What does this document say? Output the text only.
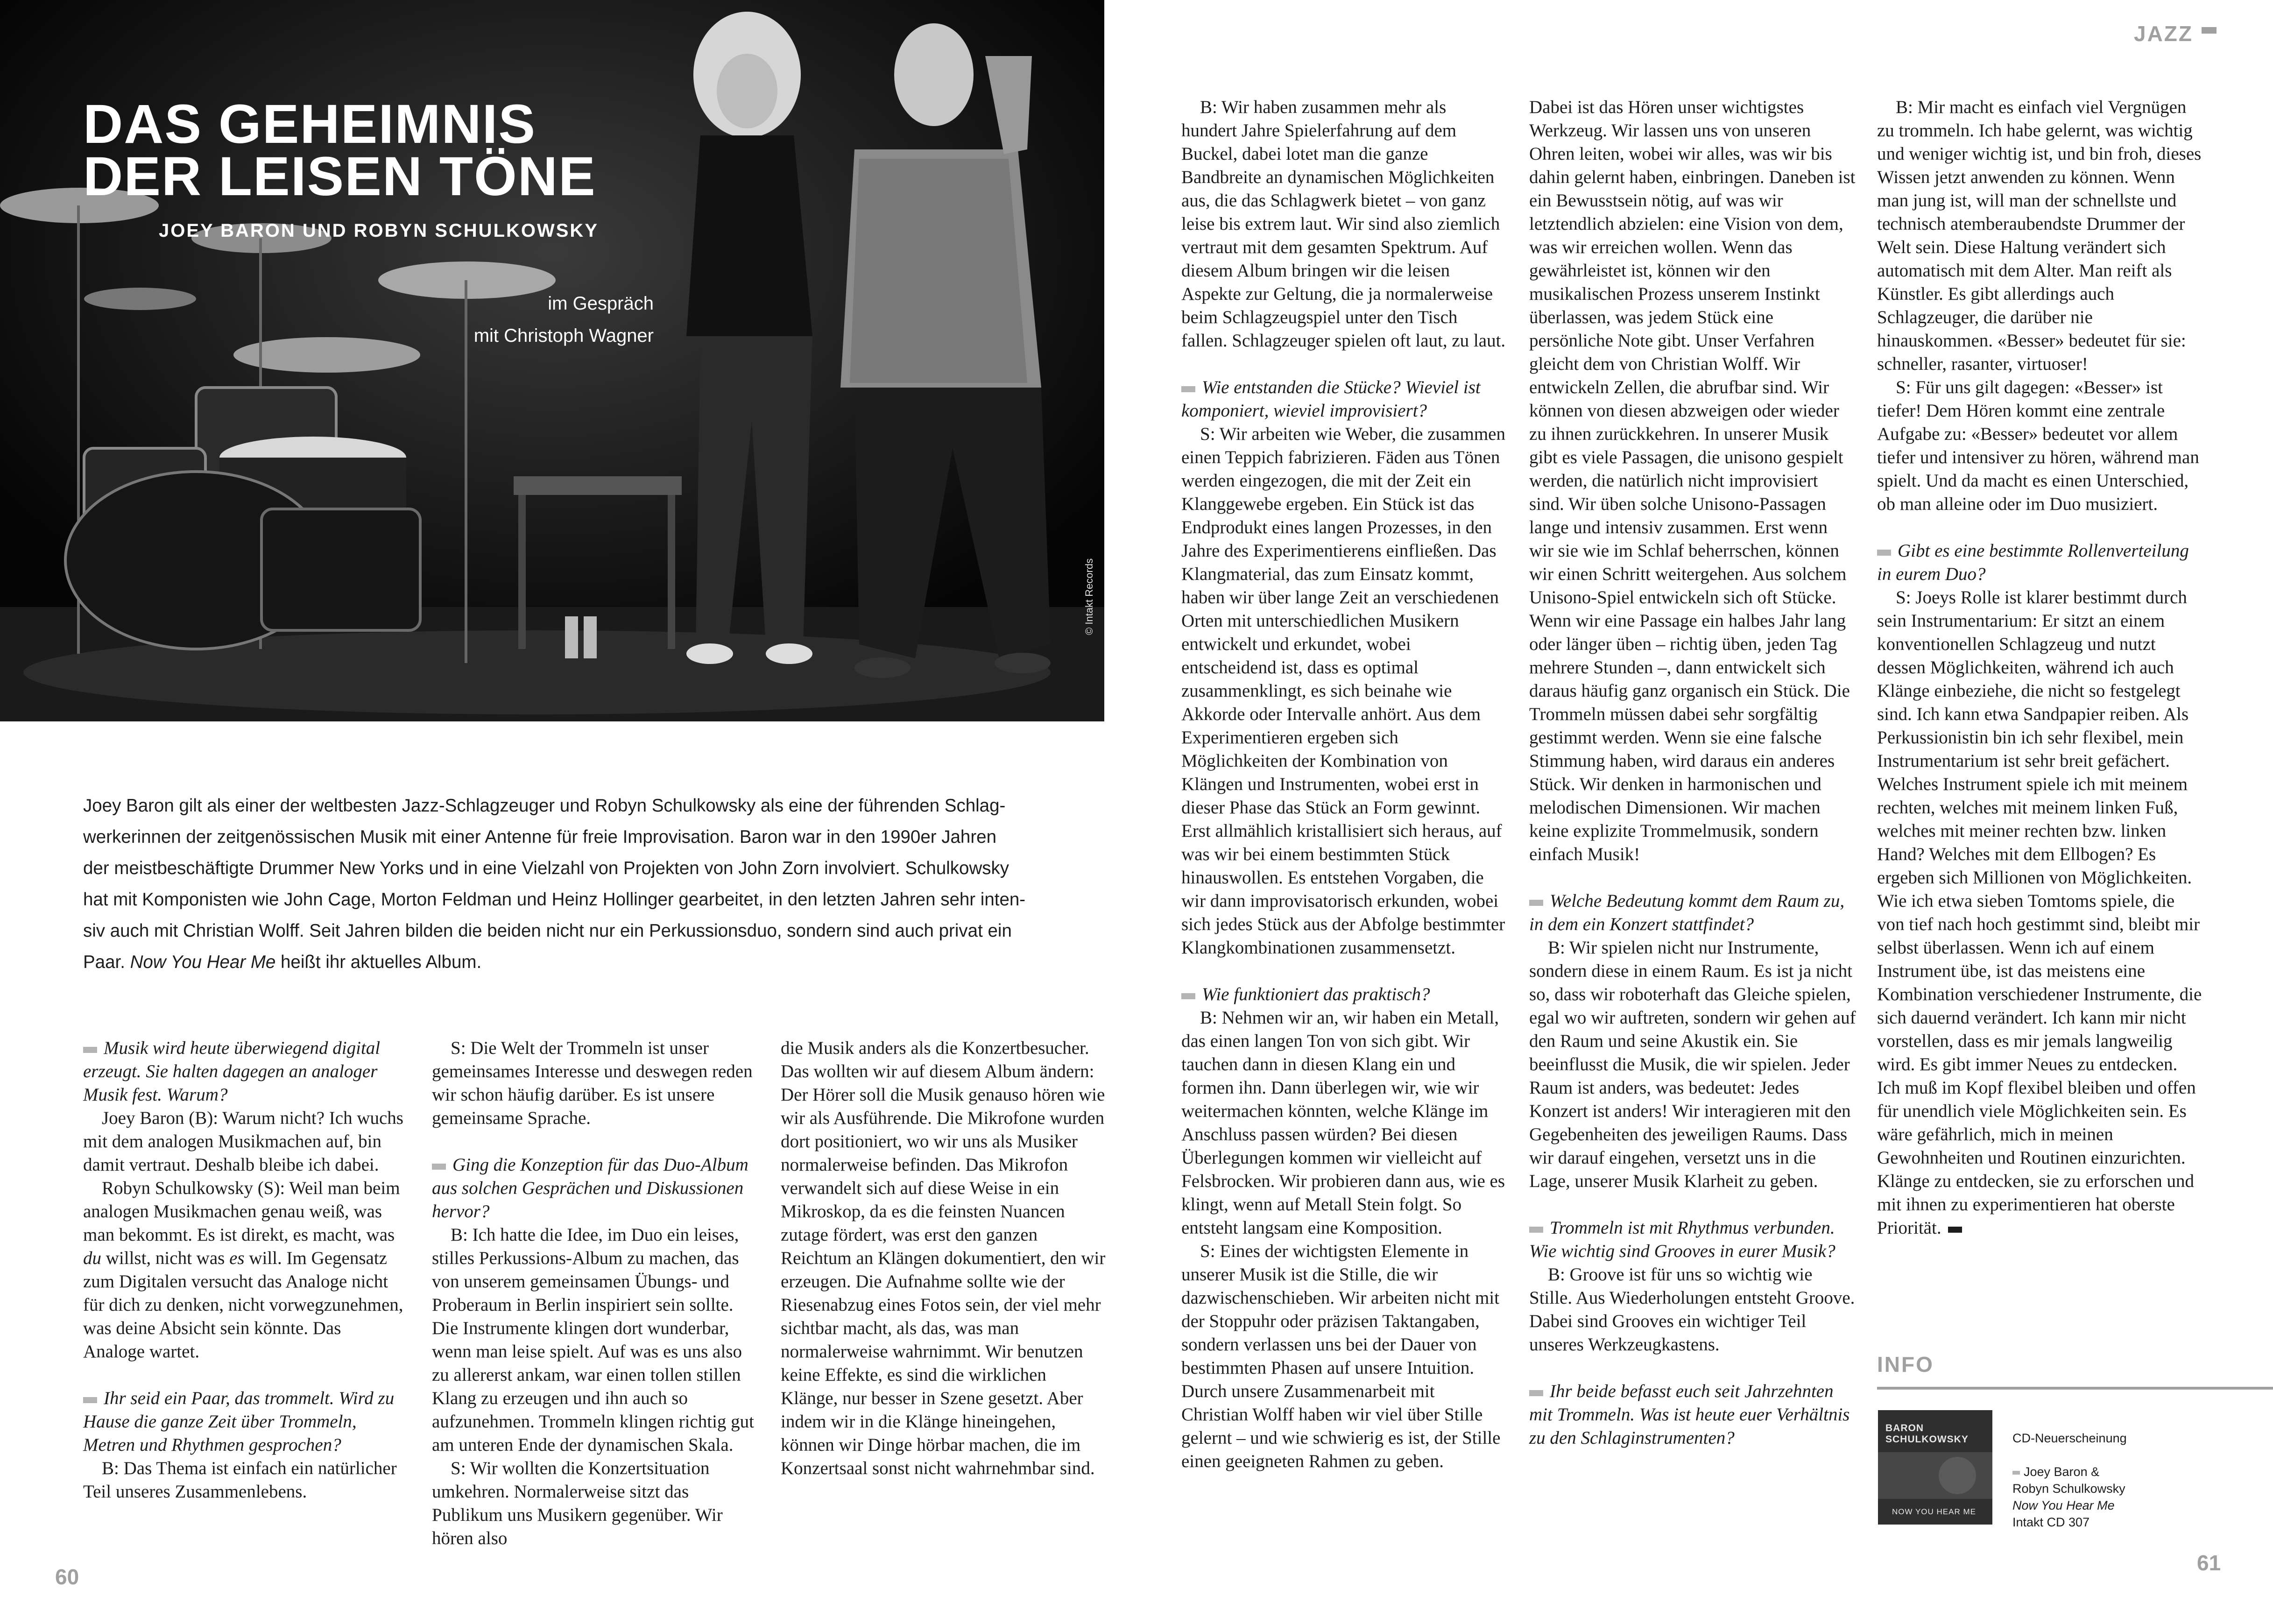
DAS GEHEIMNIS
DER LEISEN TÖNE
JOEY BARON UND ROBYN SCHULKOWSKY
im Gespräch
mit Christoph Wagner
© Intakt Records
Joey Baron gilt als einer der weltbesten Jazz-Schlagzeuger und Robyn Schulkowsky als eine der führenden Schlag-
werkerinnen der zeitgenössischen Musik mit einer Antenne für freie Improvisation. Baron war in den 1990er Jahren
der meistbeschäftigte Drummer New Yorks und in eine Vielzahl von Projekten von John Zorn involviert. Schulkowsky
hat mit Komponisten wie John Cage, Morton Feldman und Heinz Hollinger gearbeitet, in den letzten Jahren sehr inten-
siv auch mit Christian Wolff. Seit Jahren bilden die beiden nicht nur ein Perkussionsduo, sondern sind auch privat ein
Paar. Now You Hear Me heißt ihr aktuelles Album.

Musik wird heute überwiegend digital erzeugt. Sie halten dagegen an analoger Musik fest. Warum?

Joey Baron (B): Warum nicht? Ich wuchs mit dem analogen Musikmachen auf, bin damit vertraut. Deshalb bleibe ich dabei.

Robyn Schulkowsky (S): Weil man beim analogen Musikmachen genau weiß, was man bekommt. Es ist direkt, es macht, was du willst, nicht was es will. Im Gegensatz zum Digitalen versucht das Analoge nicht für dich zu denken, nicht vorwegzunehmen, was deine Absicht sein könnte. Das Analoge wartet.

Ihr seid ein Paar, das trommelt. Wird zu Hause die ganze Zeit über Trommeln, Metren und Rhythmen gesprochen?

B: Das Thema ist einfach ein natürlicher Teil unseres Zusammenlebens.

S: Die Welt der Trommeln ist unser gemeinsames Interesse und deswegen reden wir schon häufig darüber. Es ist unsere gemeinsame Sprache.

Ging die Konzeption für das Duo-Album aus solchen Gesprächen und Diskussionen hervor?

B: Ich hatte die Idee, im Duo ein leises, stilles Perkussions-Album zu machen, das von unserem gemeinsamen Übungs- und Proberaum in Berlin inspiriert sein sollte. Die Instrumente klingen dort wunderbar, wenn man leise spielt. Auf was es uns also zu allererst ankam, war einen tollen stillen Klang zu erzeugen und ihn auch so aufzunehmen. Trommeln klingen richtig gut am unteren Ende der dynamischen Skala.

S: Wir wollten die Konzertsituation umkehren. Normalerweise sitzt das Publikum uns Musikern gegenüber. Wir hören also

die Musik anders als die Konzertbesucher. Das wollten wir auf diesem Album ändern: Der Hörer soll die Musik genauso hören wie wir als Ausführende. Die Mikrofone wurden dort positioniert, wo wir uns als Musiker normalerweise befinden. Das Mikrofon verwandelt sich auf diese Weise in ein Mikroskop, da es die feinsten Nuancen zutage fördert, was erst den ganzen Reichtum an Klängen dokumentiert, den wir erzeugen. Die Aufnahme sollte wie der Riesenabzug eines Fotos sein, der viel mehr sichtbar macht, als das, was man normalerweise wahrnimmt. Wir benutzen keine Effekte, es sind die wirklichen Klänge, nur besser in Szene gesetzt. Aber indem wir in die Klänge hineingehen, können wir Dinge hörbar machen, die im Konzertsaal sonst nicht wahrnehmbar sind.

JAZZ

B: Wir haben zusammen mehr als hundert Jahre Spielerfahrung auf dem Buckel, dabei lotet man die ganze Bandbreite an dynamischen Möglichkeiten aus, die das Schlagwerk bietet – von ganz leise bis extrem laut. Wir sind also ziemlich vertraut mit dem gesamten Spektrum. Auf diesem Album bringen wir die leisen Aspekte zur Geltung, die ja normalerweise beim Schlagzeugspiel unter den Tisch fallen. Schlagzeuger spielen oft laut, zu laut.

Wie entstanden die Stücke? Wieviel ist komponiert, wieviel improvisiert?

S: Wir arbeiten wie Weber, die zusammen einen Teppich fabrizieren. Fäden aus Tönen werden eingezogen, die mit der Zeit ein Klanggewebe ergeben. Ein Stück ist das Endprodukt eines langen Prozesses, in den Jahre des Experimentierens einfließen. Das Klangmaterial, das zum Einsatz kommt, haben wir über lange Zeit an verschiedenen Orten mit unterschiedlichen Musikern entwickelt und erkundet, wobei entscheidend ist, dass es optimal zusammenklingt, es sich beinahe wie Akkorde oder Intervalle anhört. Aus dem Experimentieren ergeben sich Möglichkeiten der Kombination von Klängen und Instrumenten, wobei erst in dieser Phase das Stück an Form gewinnt. Erst allmählich kristallisiert sich heraus, auf was wir bei einem bestimmten Stück hinauswollen. Es entstehen Vorgaben, die wir dann improvisatorisch erkunden, wobei sich jedes Stück aus der Abfolge bestimmter Klangkombinationen zusammensetzt.

Wie funktioniert das praktisch?

B: Nehmen wir an, wir haben ein Metall, das einen langen Ton von sich gibt. Wir tauchen dann in diesen Klang ein und formen ihn. Dann überlegen wir, wie wir weitermachen könnten, welche Klänge im Anschluss passen würden? Bei diesen Überlegungen kommen wir vielleicht auf Felsbrocken. Wir probieren dann aus, wie es klingt, wenn auf Metall Stein folgt. So entsteht langsam eine Komposition.

S: Eines der wichtigsten Elemente in unserer Musik ist die Stille, die wir dazwischenschieben. Wir arbeiten nicht mit der Stoppuhr oder präzisen Taktangaben, sondern verlassen uns bei der Dauer von bestimmten Phasen auf unsere Intuition. Durch unsere Zusammenarbeit mit Christian Wolff haben wir viel über Stille gelernt – und wie schwierig es ist, der Stille einen geeigneten Rahmen zu geben.

Dabei ist das Hören unser wichtigstes Werkzeug. Wir lassen uns von unseren Ohren leiten, wobei wir alles, was wir bis dahin gelernt haben, einbringen. Daneben ist ein Bewusstsein nötig, auf was wir letztendlich abzielen: eine Vision von dem, was wir erreichen wollen. Wenn das gewährleistet ist, können wir den musikalischen Prozess unserem Instinkt überlassen, was jedem Stück eine persönliche Note gibt. Unser Verfahren gleicht dem von Christian Wolff. Wir entwickeln Zellen, die abrufbar sind. Wir können von diesen abzweigen oder wieder zu ihnen zurückkehren. In unserer Musik gibt es viele Passagen, die unisono gespielt werden, die natürlich nicht improvisiert sind. Wir üben solche Unisono-Passagen lange und intensiv zusammen. Erst wenn wir sie wie im Schlaf beherrschen, können wir einen Schritt weitergehen. Aus solchem Unisono-Spiel entwickeln sich oft Stücke. Wenn wir eine Passage ein halbes Jahr lang oder länger üben – richtig üben, jeden Tag mehrere Stunden –, dann entwickelt sich daraus häufig ganz organisch ein Stück. Die Trommeln müssen dabei sehr sorgfältig gestimmt werden. Wenn sie eine falsche Stimmung haben, wird daraus ein anderes Stück. Wir denken in harmonischen und melodischen Dimensionen. Wir machen keine explizite Trommelmusik, sondern einfach Musik!

Welche Bedeutung kommt dem Raum zu, in dem ein Konzert stattfindet?

B: Wir spielen nicht nur Instrumente, sondern diese in einem Raum. Es ist ja nicht so, dass wir roboterhaft das Gleiche spielen, egal wo wir auftreten, sondern wir gehen auf den Raum und seine Akustik ein. Sie beeinflusst die Musik, die wir spielen. Jeder Raum ist anders, was bedeutet: Jedes Konzert ist anders! Wir interagieren mit den Gegebenheiten des jeweiligen Raums. Dass wir darauf eingehen, versetzt uns in die Lage, unserer Musik Klarheit zu geben.

Trommeln ist mit Rhythmus verbunden. Wie wichtig sind Grooves in eurer Musik?

B: Groove ist für uns so wichtig wie Stille. Aus Wiederholungen entsteht Groove. Dabei sind Grooves ein wichtiger Teil unseres Werkzeugkastens.

Ihr beide befasst euch seit Jahrzehnten mit Trommeln. Was ist heute euer Verhältnis zu den Schlaginstrumenten?

B: Mir macht es einfach viel Vergnügen zu trommeln. Ich habe gelernt, was wichtig und weniger wichtig ist, und bin froh, dieses Wissen jetzt anwenden zu können. Wenn man jung ist, will man der schnellste und technisch atemberaubendste Drummer der Welt sein. Diese Haltung verändert sich automatisch mit dem Alter. Man reift als Künstler. Es gibt allerdings auch Schlagzeuger, die darüber nie hinauskommen. «Besser» bedeutet für sie: schneller, rasanter, virtuoser!

S: Für uns gilt dagegen: «Besser» ist tiefer! Dem Hören kommt eine zentrale Aufgabe zu: «Besser» bedeutet vor allem tiefer und intensiver zu hören, während man spielt. Und da macht es einen Unterschied, ob man alleine oder im Duo musiziert.

Gibt es eine bestimmte Rollenverteilung in eurem Duo?

S: Joeys Rolle ist klarer bestimmt durch sein Instrumentarium: Er sitzt an einem konventionellen Schlagzeug und nutzt dessen Möglichkeiten, während ich auch Klänge einbeziehe, die nicht so festgelegt sind. Ich kann etwa Sandpapier reiben. Als Perkussionistin bin ich sehr flexibel, mein Instrumentarium ist sehr breit gefächert. Welches Instrument spiele ich mit meinem rechten, welches mit meinem linken Fuß, welches mit meiner rechten bzw. linken Hand? Welches mit dem Ellbogen? Es ergeben sich Millionen von Möglichkeiten. Wie ich etwa sieben Tomtoms spiele, die von tief nach hoch gestimmt sind, bleibt mir selbst überlassen. Wenn ich auf einem Instrument übe, ist das meistens eine Kombination verschiedener Instrumente, die sich dauernd verändert. Ich kann mir nicht vorstellen, dass es mir jemals langweilig wird. Es gibt immer Neues zu entdecken. Ich muß im Kopf flexibel bleiben und offen für unendlich viele Möglichkeiten sein. Es wäre gefährlich, mich in meinen Gewohnheiten und Routinen einzurichten. Klänge zu entdecken, sie zu erforschen und mit ihnen zu experimentieren hat oberste Priorität.

INFO
BARON
SCHULKOWSKY
NOW YOU HEAR ME
CD-Neuerscheinung
Joey Baron &
Robyn Schulkowsky
Now You Hear Me
Intakt CD 307
60
61
